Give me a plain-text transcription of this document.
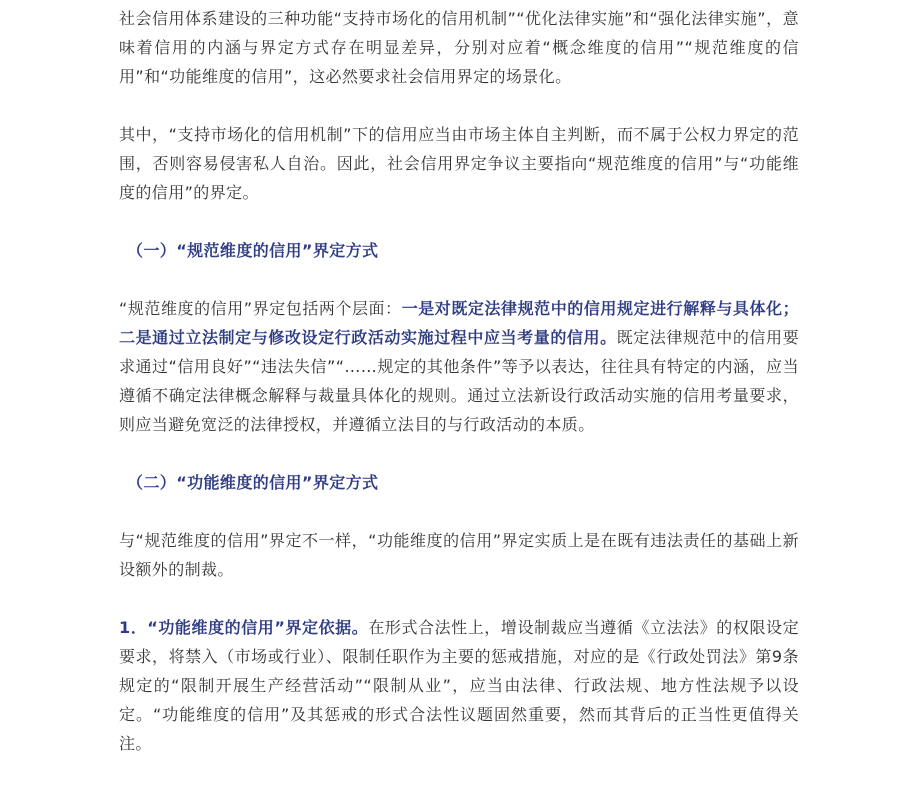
社会信用体系建设的三种功能“支持市场化的信用机制”“优化法律实施”和“强化法律实施”，意味着信用的内涵与界定方式存在明显差异，分别对应着“概念维度的信用”“规范维度的信用”和“功能维度的信用”，这必然要求社会信用界定的场景化。

其中，“支持市场化的信用机制”下的信用应当由市场主体自主判断，而不属于公权力界定的范围，否则容易侵害私人自治。因此，社会信用界定争议主要指向“规范维度的信用”与“功能维度的信用”的界定。

（一）“规范维度的信用”界定方式

“规范维度的信用”界定包括两个层面：一是对既定法律规范中的信用规定进行解释与具体化；二是通过立法制定与修改设定行政活动实施过程中应当考量的信用。既定法律规范中的信用要求通过“信用良好”“违法失信”“……规定的其他条件”等予以表达，往往具有特定的内涵，应当遵循不确定法律概念解释与裁量具体化的规则。通过立法新设行政活动实施的信用考量要求，则应当避免宽泛的法律授权，并遵循立法目的与行政活动的本质。

（二）“功能维度的信用”界定方式

与“规范维度的信用”界定不一样，“功能维度的信用”界定实质上是在既有违法责任的基础上新设额外的制裁。

1．“功能维度的信用”界定依据。在形式合法性上，增设制裁应当遵循《立法法》的权限设定要求，将禁入（市场或行业）、限制任职作为主要的惩戒措施，对应的是《行政处罚法》第9条规定的“限制开展生产经营活动”“限制从业”，应当由法律、行政法规、地方性法规予以设定。“功能维度的信用”及其惩戒的形式合法性议题固然重要，然而其背后的正当性更值得关注。
